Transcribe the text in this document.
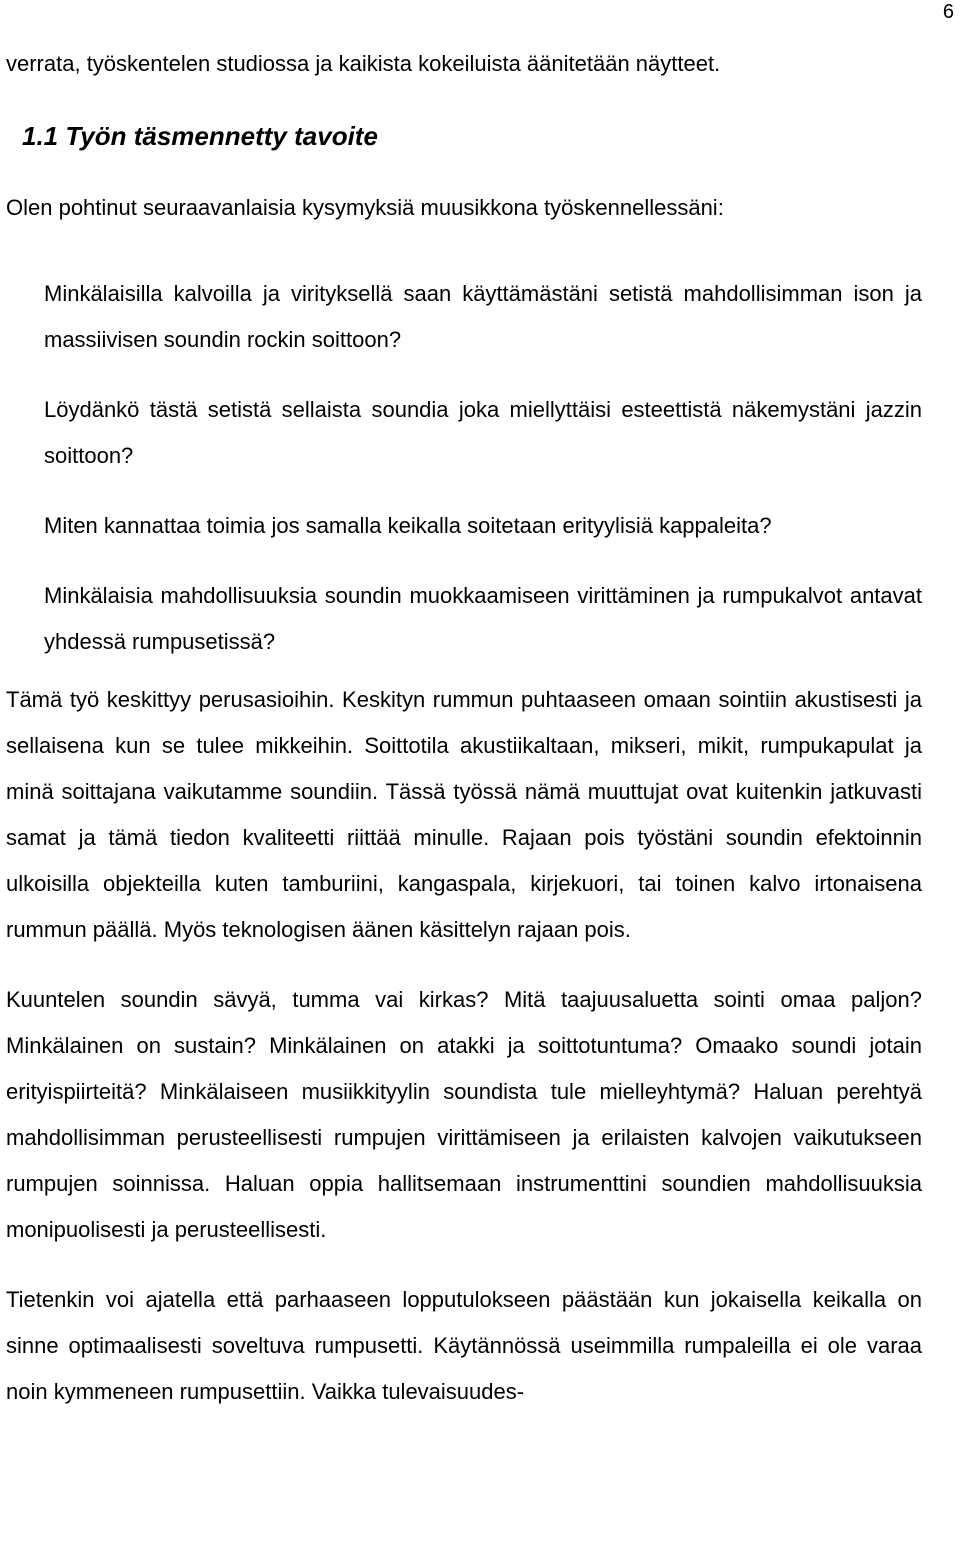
6

verrata, työskentelen studiossa ja kaikista kokeiluista äänitetään näytteet.

1.1 Työn täsmennetty tavoite

Olen pohtinut seuraavanlaisia kysymyksiä muusikkona työskennellessäni:

Minkälaisilla kalvoilla ja virityksellä saan käyttämästäni setistä mahdollisimman ison ja massiivisen soundin rockin soittoon?

Löydänkö tästä setistä sellaista soundia joka miellyttäisi esteettistä näkemystäni jazzin soittoon?

Miten kannattaa toimia jos samalla keikalla soitetaan erityylisiä kappaleita?

Minkälaisia mahdollisuuksia soundin muokkaamiseen virittäminen ja rumpukalvot antavat yhdessä rumpusetissä?

Tämä työ keskittyy perusasioihin. Keskityn rummun puhtaaseen omaan sointiin akustisesti ja sellaisena kun se tulee mikkeihin. Soittotila akustiikaltaan, mikseri, mikit, rumpukapulat ja minä soittajana vaikutamme soundiin. Tässä työssä nämä muuttujat ovat kuitenkin jatkuvasti samat ja tämä tiedon kvaliteetti riittää minulle. Rajaan pois työstäni soundin efektoinnin ulkoisilla objekteilla kuten tamburiini, kangaspala, kirjekuori, tai toinen kalvo irtonaisena rummun päällä. Myös teknologisen äänen käsittelyn rajaan pois.

Kuuntelen soundin sävyä, tumma vai kirkas? Mitä taajuusaluetta sointi omaa paljon? Minkälainen on sustain? Minkälainen on atakki ja soittotuntuma? Omaako soundi jotain erityispiirteitä? Minkälaiseen musiikkityylin soundista tule mielleyhtymä? Haluan perehtyä mahdollisimman perusteellisesti rumpujen virittämiseen ja erilaisten kalvojen vaikutukseen rumpujen soinnissa. Haluan oppia hallitsemaan instrumenttini soundien mahdollisuuksia monipuolisesti ja perusteellisesti.

Tietenkin voi ajatella että parhaaseen lopputulokseen päästään kun jokaisella keikalla on sinne optimaalisesti soveltuva rumpusetti. Käytännössä useimmilla rumpaleilla ei ole varaa noin kymmeneen rumpusettiin. Vaikka tulevaisuudes-
